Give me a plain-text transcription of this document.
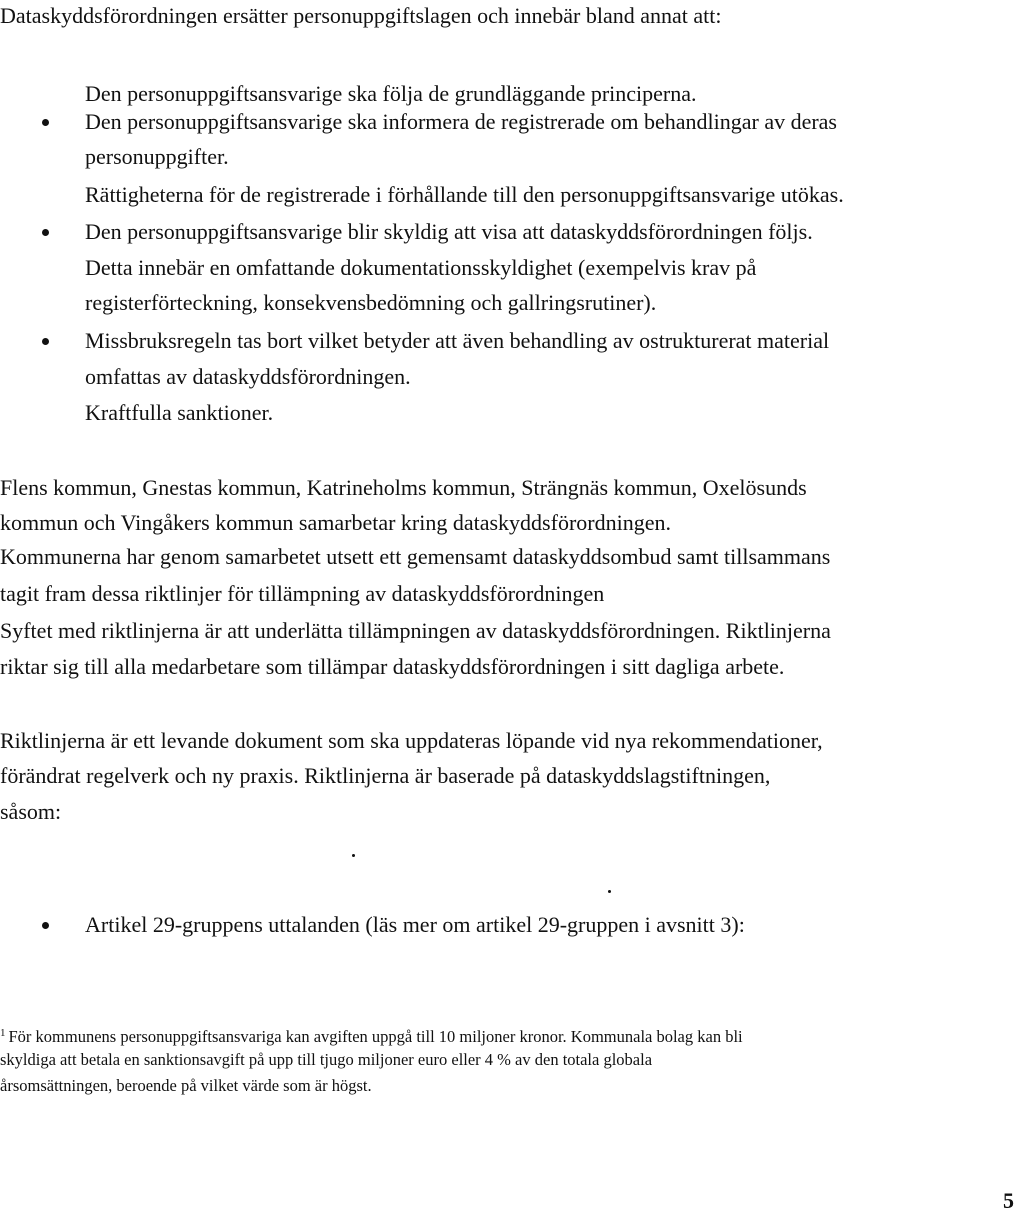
Dataskyddsförordningen ersätter personuppgiftslagen och innebär bland annat att:
Den personuppgiftsansvarige ska följa de grundläggande principerna.
Den personuppgiftsansvarige ska informera de registrerade om behandlingar av deras
personuppgifter.
Rättigheterna för de registrerade i förhållande till den personuppgiftsansvarige utökas.
Den personuppgiftsansvarige blir skyldig att visa att dataskyddsförordningen följs.
Detta innebär en omfattande dokumentationsskyldighet (exempelvis krav på
registerförteckning, konsekvensbedömning och gallringsrutiner).
Missbruksregeln tas bort vilket betyder att även behandling av ostrukturerat material
omfattas av dataskyddsförordningen.
Kraftfulla sanktioner.
Flens kommun, Gnestas kommun, Katrineholms kommun, Strängnäs kommun, Oxelösunds
kommun och Vingåkers kommun samarbetar kring dataskyddsförordningen.
Kommunerna har genom samarbetet utsett ett gemensamt dataskyddsombud samt tillsammans
tagit fram dessa riktlinjer för tillämpning av dataskyddsförordningen
Syftet med riktlinjerna är att underlätta tillämpningen av dataskyddsförordningen. Riktlinjerna
riktar sig till alla medarbetare som tillämpar dataskyddsförordningen i sitt dagliga arbete.
Riktlinjerna är ett levande dokument som ska uppdateras löpande vid nya rekommendationer,
förändrat regelverk och ny praxis. Riktlinjerna är baserade på dataskyddslagstiftningen,
såsom:
Artikel 29-gruppens uttalanden (läs mer om artikel 29-gruppen i avsnitt 3):
$^1$ För kommunens personuppgiftsansvariga kan avgiften uppgå till 10 miljoner kronor. Kommunala bolag kan bli
skyldiga att betala en sanktionsavgift på upp till tjugo miljoner euro eller 4 % av den totala globala
årsomsättningen, beroende på vilket värde som är högst.
5
